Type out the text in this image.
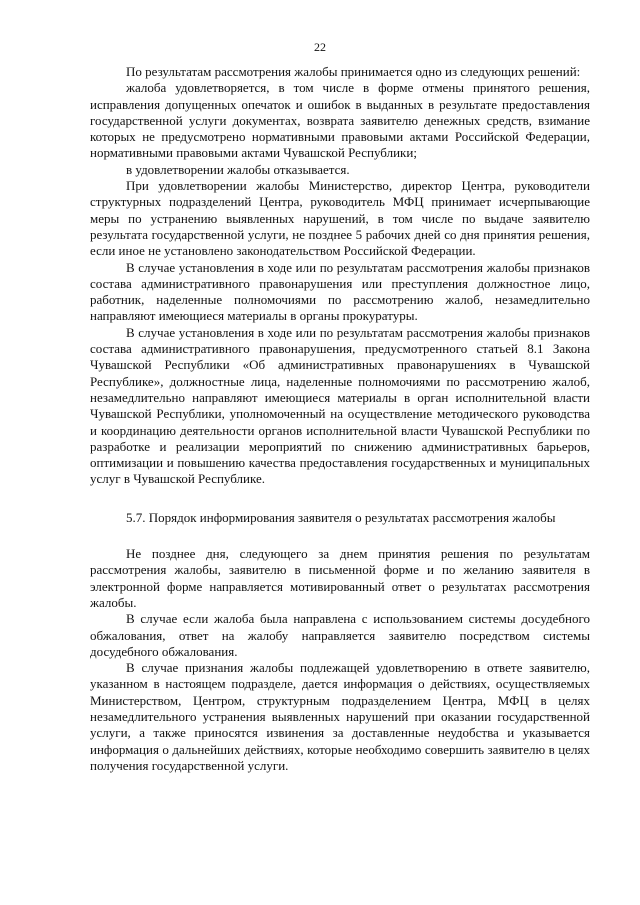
22

По результатам рассмотрения жалобы принимается одно из следующих решений:

жалоба удовлетворяется, в том числе в форме отмены принятого решения, исправления допущенных опечаток и ошибок в выданных в результате предоставления государственной услуги документах, возврата заявителю денежных средств, взимание которых не предусмотрено нормативными правовыми актами Российской Федерации, нормативными правовыми актами Чувашской Республики;

в удовлетворении жалобы отказывается.

При удовлетворении жалобы Министерство, директор Центра, руководители структурных подразделений Центра, руководитель МФЦ принимает исчерпывающие меры по устранению выявленных нарушений, в том числе по выдаче заявителю результата государственной услуги, не позднее 5 рабочих дней со дня принятия решения, если иное не установлено законодательством Российской Федерации.

В случае установления в ходе или по результатам рассмотрения жалобы признаков состава административного правонарушения или преступления должностное лицо, работник, наделенные полномочиями по рассмотрению жалоб, незамедлительно направляют имеющиеся материалы в органы прокуратуры.

В случае установления в ходе или по результатам рассмотрения жалобы признаков состава административного правонарушения, предусмотренного статьей 8.1 Закона Чувашской Республики «Об административных правонарушениях в Чувашской Республике», должностные лица, наделенные полномочиями по рассмотрению жалоб, незамедлительно направляют имеющиеся материалы в орган исполнительной власти Чувашской Республики, уполномоченный на осуществление методического руководства и координацию деятельности органов исполнительной власти Чувашской Республики по разработке и реализации мероприятий по снижению административных барьеров, оптимизации и повышению качества предоставления государственных и муниципальных услуг в Чувашской Республике.

5.7. Порядок информирования заявителя о результатах рассмотрения жалобы

Не позднее дня, следующего за днем принятия решения по результатам рассмотрения жалобы, заявителю в письменной форме и по желанию заявителя в электронной форме направляется мотивированный ответ о результатах рассмотрения жалобы.

В случае если жалоба была направлена с использованием системы досудебного обжалования, ответ на жалобу направляется заявителю посредством системы досудебного обжалования.

В случае признания жалобы подлежащей удовлетворению в ответе заявителю, указанном в настоящем подразделе, дается информация о действиях, осуществляемых Министерством, Центром, структурным подразделением Центра, МФЦ в целях незамедлительного устранения выявленных нарушений при оказании государственной услуги, а также приносятся извинения за доставленные неудобства и указывается информация о дальнейших действиях, которые необходимо совершить заявителю в целях получения государственной услуги.
